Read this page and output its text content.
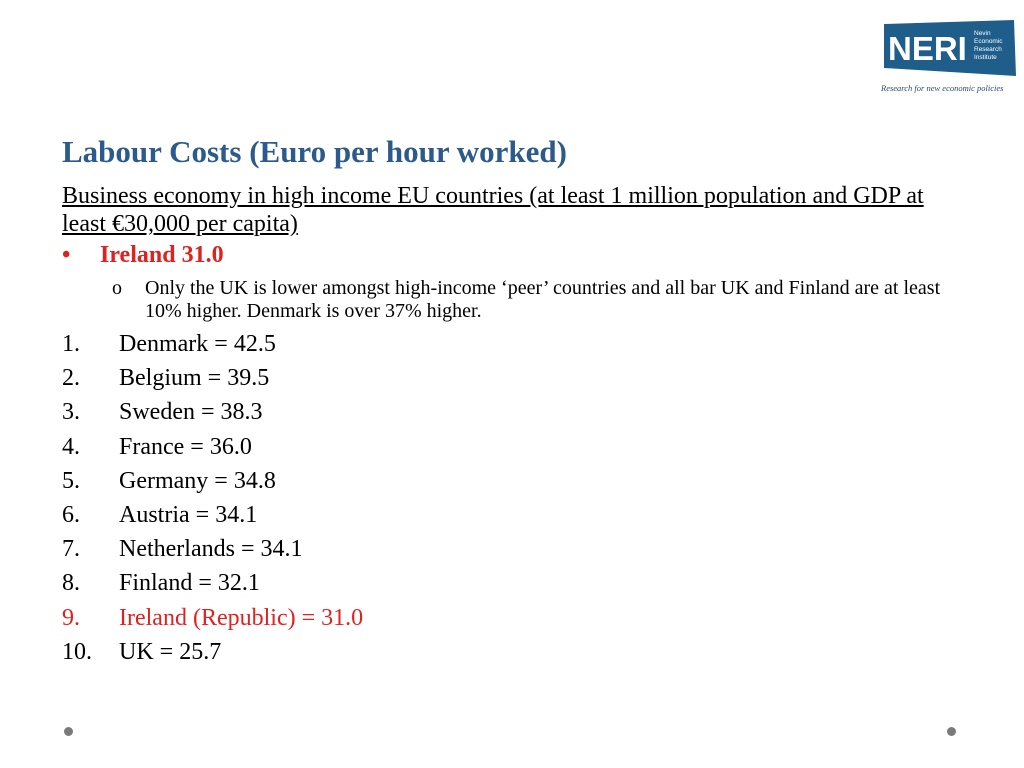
NERI Nevin
Economic
Research
Institute
Research for new economic policies
Labour Costs (Euro per hour worked)

Business economy in high income EU countries (at least 1 million population and GDP at least €30,000 per capita)

• Ireland 31.0
o Only the UK is lower amongst high-income ‘peer’ countries and all bar UK and Finland are at least 10% higher. Denmark is over 37% higher.
1. Denmark = 42.5
2. Belgium = 39.5
3. Sweden = 38.3
4. France = 36.0
5. Germany = 34.8
6. Austria = 34.1
7. Netherlands = 34.1
8. Finland = 32.1
9. Ireland (Republic) = 31.0
10. UK = 25.7
